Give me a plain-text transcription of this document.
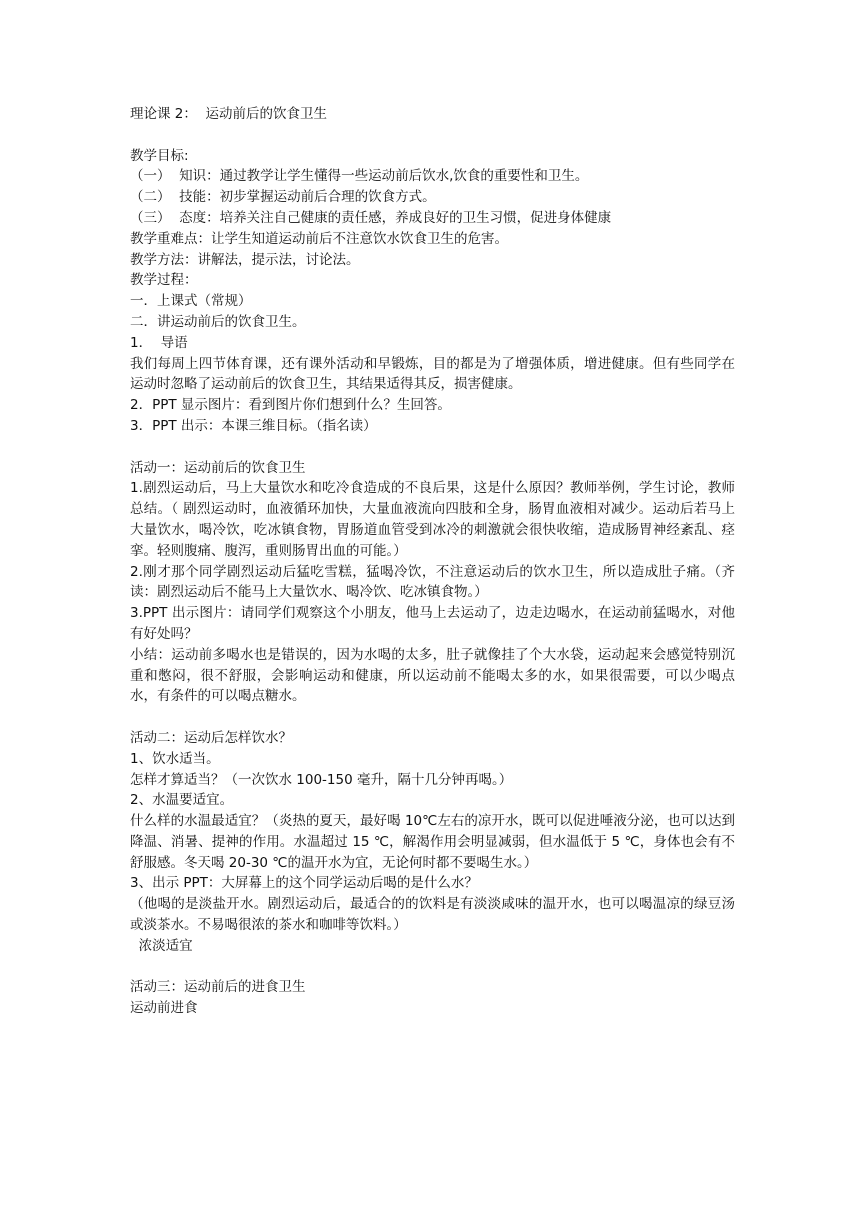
理论课 2：  运动前后的饮食卫生
教学目标:
（一）  知识：通过教学让学生懂得一些运动前后饮水,饮食的重要性和卫生。
（二）  技能：初步掌握运动前后合理的饮食方式。
（三）  态度：培养关注自己健康的责任感，养成良好的卫生习惯，促进身体健康
教学重难点：让学生知道运动前后不注意饮水饮食卫生的危害。
教学方法：讲解法，提示法，讨论法。
教学过程：
一．上课式（常规）
二．讲运动前后的饮食卫生。
1．  导语
我们每周上四节体育课，还有课外活动和早锻炼，目的都是为了增强体质，增进健康。但有些同学在运动时忽略了运动前后的饮食卫生，其结果适得其反，损害健康。
2．PPT 显示图片：看到图片你们想到什么？生回答。
3．PPT 出示：本课三维目标。（指名读）
活动一：运动前后的饮食卫生
1.剧烈运动后，马上大量饮水和吃冷食造成的不良后果，这是什么原因？教师举例，学生讨论，教师总结。（ 剧烈运动时，血液循环加快，大量血液流向四肢和全身，肠胃血液相对减少。运动后若马上大量饮水，喝冷饮，吃冰镇食物，胃肠道血管受到冰冷的刺激就会很快收缩，造成肠胃神经紊乱、痉挛。轻则腹痛、腹泻，重则肠胃出血的可能。）
2.刚才那个同学剧烈运动后猛吃雪糕，猛喝冷饮，不注意运动后的饮水卫生，所以造成肚子痛。（齐读：剧烈运动后不能马上大量饮水、喝冷饮、吃冰镇食物。）
3.PPT 出示图片：请同学们观察这个小朋友，他马上去运动了，边走边喝水，在运动前猛喝水，对他有好处吗？
小结：运动前多喝水也是错误的，因为水喝的太多，肚子就像挂了个大水袋，运动起来会感觉特别沉重和憋闷，很不舒服，会影响运动和健康，所以运动前不能喝太多的水，如果很需要，可以少喝点水，有条件的可以喝点糖水。
活动二：运动后怎样饮水？
1、饮水适当。
怎样才算适当？（一次饮水 100-150 毫升，隔十几分钟再喝。）
2、水温要适宜。
什么样的水温最适宜？（炎热的夏天，最好喝 10℃左右的凉开水，既可以促进唾液分泌，也可以达到降温、消暑、提神的作用。水温超过 15 ℃，解渴作用会明显减弱，但水温低于 5 ℃，身体也会有不舒服感。冬天喝 20-30 ℃的温开水为宜，无论何时都不要喝生水。）
3、出示 PPT：大屏幕上的这个同学运动后喝的是什么水？
（他喝的是淡盐开水。剧烈运动后，最适合的的饮料是有淡淡咸味的温开水，也可以喝温凉的绿豆汤或淡茶水。不易喝很浓的茶水和咖啡等饮料。）
浓淡适宜
活动三：运动前后的进食卫生
运动前进食
